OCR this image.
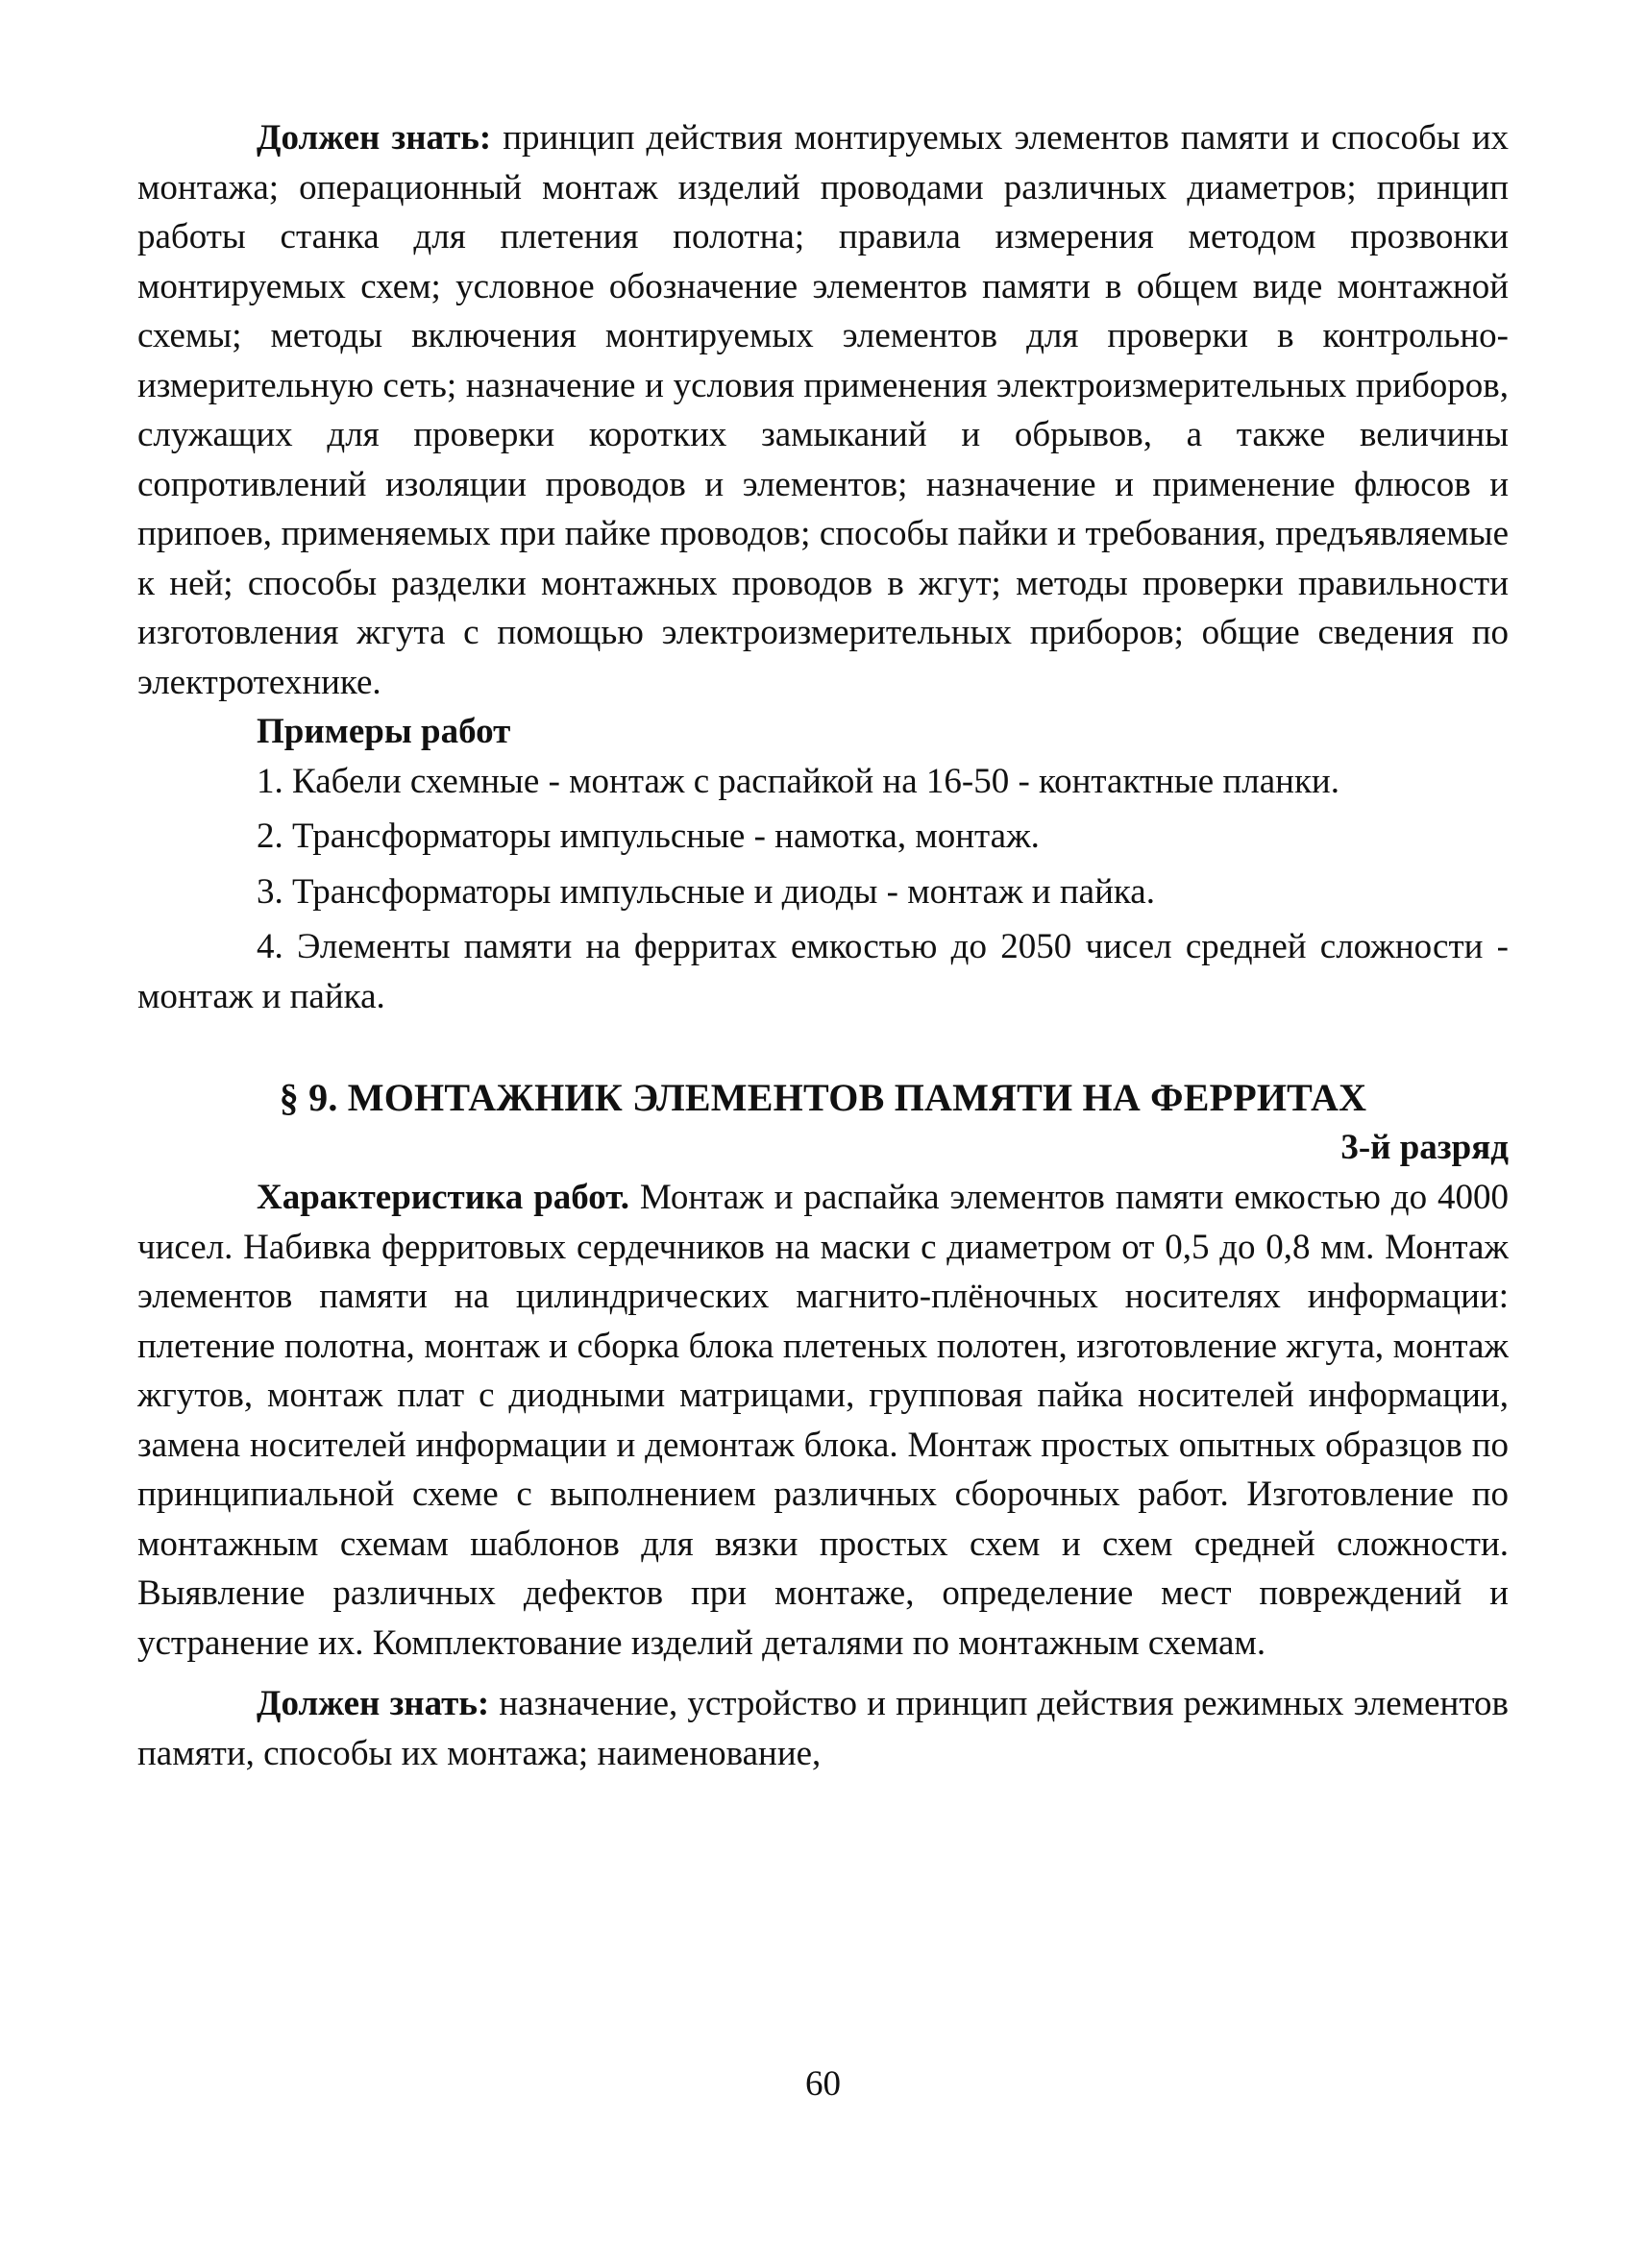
Должен знать: принцип действия монтируемых элементов памяти и способы их монтажа; операционный монтаж изделий проводами различных диаметров; принцип работы станка для плетения полотна; правила измерения методом прозвонки монтируемых схем; условное обозначение элементов памяти в общем виде монтажной схемы; методы включения монтируемых элементов для проверки в контрольно-измерительную сеть; назначение и условия применения электроизмерительных приборов, служащих для проверки коротких замыканий и обрывов, а также величины сопротивлений изоляции проводов и элементов; назначение и применение флюсов и припоев, применяемых при пайке проводов; способы пайки и требования, предъявляемые к ней; способы разделки монтажных проводов в жгут; методы проверки правильности изготовления жгута с помощью электроизмерительных приборов; общие сведения по электротехнике.

Примеры работ

1. Кабели схемные - монтаж с распайкой на 16-50 - контактные планки.

2. Трансформаторы импульсные - намотка, монтаж.

3. Трансформаторы импульсные и диоды - монтаж и пайка.

4. Элементы памяти на ферритах емкостью до 2050 чисел средней сложности - монтаж и пайка.

§ 9. МОНТАЖНИК ЭЛЕМЕНТОВ ПАМЯТИ НА ФЕРРИТАХ

3-й разряд

Характеристика работ. Монтаж и распайка элементов памяти емкостью до 4000 чисел. Набивка ферритовых сердечников на маски с диаметром от 0,5 до 0,8 мм. Монтаж элементов памяти на цилиндрических магнито-плёночных носителях информации: плетение полотна, монтаж и сборка блока плетеных полотен, изготовление жгута, монтаж жгутов, монтаж плат с диодными матрицами, групповая пайка носителей информации, замена носителей информации и демонтаж блока. Монтаж простых опытных образцов по принципиальной схеме с выполнением различных сборочных работ. Изготовление по монтажным схемам шаблонов для вязки простых схем и схем средней сложности. Выявление различных дефектов при монтаже, определение мест повреждений и устранение их. Комплектование изделий деталями по монтажным схемам.

Должен знать: назначение, устройство и принцип действия режимных элементов памяти, способы их монтажа; наименование,

60
